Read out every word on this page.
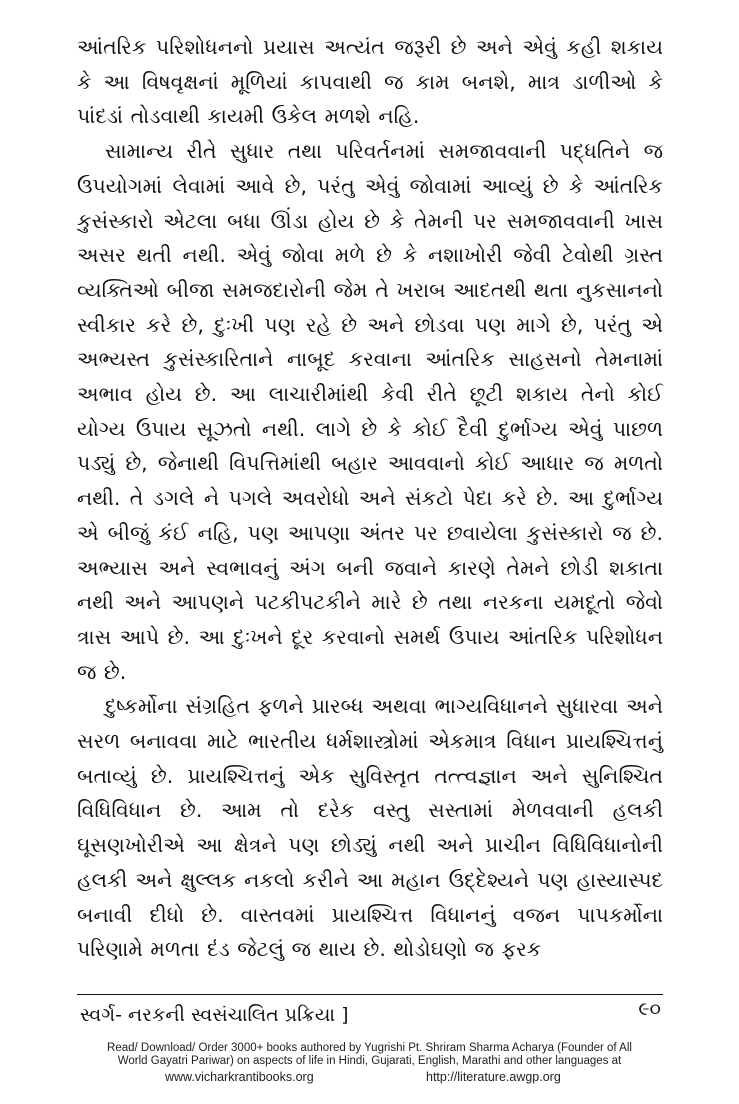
આંતરિક પરિશોધનનો પ્રયાસ અત્યંત જરૂરી છે અને એવું કહી શકાય કે આ વિષવૃક્ષનાં મૂળિયાં કાપવાથી જ કામ બનશે, માત્ર ડાળીઓ કે પાંદડાં તોડવાથી કાયમી ઉકેલ મળશે નહિ.

સામાન્ય રીતે સુધાર તથા પરિવર્તનમાં સમજાવવાની પદ્ધતિને જ ઉપયોગમાં લેવામાં આવે છે, પરંતુ એવું જોવામાં આવ્યું છે કે આંતરિક કુસંસ્કારો એટલા બધા ઊંડા હોય છે કે તેમની પર સમજાવવાની ખાસ અસર થતી નથી. એવું જોવા મળે છે કે નશાખોરી જેવી ટેવોથી ગ્રસ્ત વ્યક્તિઓ બીજા સમજદારોની જેમ તે ખરાબ આદતથી થતા નુકસાનનો સ્વીકાર કરે છે, દુઃખી પણ રહે છે અને છોડવા પણ માગે છે, પરંતુ એ અભ્યસ્ત કુસંસ્કારિતાને નાબૂદ કરવાના આંતરિક સાહસનો તેમનામાં અભાવ હોય છે. આ લાચારીમાંથી કેવી રીતે છૂટી શકાય તેનો કોઈ યોગ્ય ઉપાય સૂઝતો નથી. લાગે છે કે કોઈ દૈવી દુર્ભાગ્ય એવું પાછળ પડ્યું છે, જેનાથી વિપત્તિમાંથી બહાર આવવાનો કોઈ આધાર જ મળતો નથી. તે ડગલે ને પગલે અવરોધો અને સંકટો પેદા કરે છે. આ દુર્ભાગ્ય એ બીજું કંઈ નહિ, પણ આપણા અંતર પર છવાયેલા કુસંસ્કારો જ છે. અભ્યાસ અને સ્વભાવનું અંગ બની જવાને કારણે તેમને છોડી શકાતા નથી અને આપણને પટકીપટકીને મારે છે તથા નરકના યમદૂતો જેવો ત્રાસ આપે છે. આ દુઃખને દૂર કરવાનો સમર્થ ઉપાય આંતરિક પરિશોધન જ છે.

દુષ્કર્મોના સંગ્રહિત ફળને પ્રારબ્ધ અથવા ભાગ્યવિધાનને સુધારવા અને સરળ બનાવવા માટે ભારતીય ધર્મશાસ્ત્રોમાં એકમાત્ર વિધાન પ્રાયશ્ચિત્તનું બતાવ્યું છે. પ્રાયશ્ચિત્તનું એક સુવિસ્તૃત તત્ત્વજ્ઞાન અને સુનિશ્ચિત વિધિવિધાન છે. આમ તો દરેક વસ્તુ સસ્તામાં મેળવવાની હલકી ઘૂસણખોરીએ આ ક્ષેત્રને પણ છોડ્યું નથી અને પ્રાચીન વિધિવિધાનોની હલકી અને ક્ષુલ્લક નકલો કરીને આ મહાન ઉદ્દેશ્યને પણ હાસ્યાસ્પદ બનાવી દીધો છે. વાસ્તવમાં પ્રાયશ્ચિત્ત વિધાનનું વજન પાપકર્મોના પરિણામે મળતા દંડ જેટલું જ થાય છે. થોડોઘણો જ ફરક

સ્વર્ગ- નરકની સ્વસંચાલિત પ્રક્રિયા ]	૯૦
Read/ Download/ Order 3000+ books authored by Yugrishi Pt. Shriram Sharma Acharya (Founder of All
World Gayatri Pariwar) on aspects of life in Hindi, Gujarati, English, Marathi and other languages at
www.vicharkrantibooks.org	http://literature.awgp.org
